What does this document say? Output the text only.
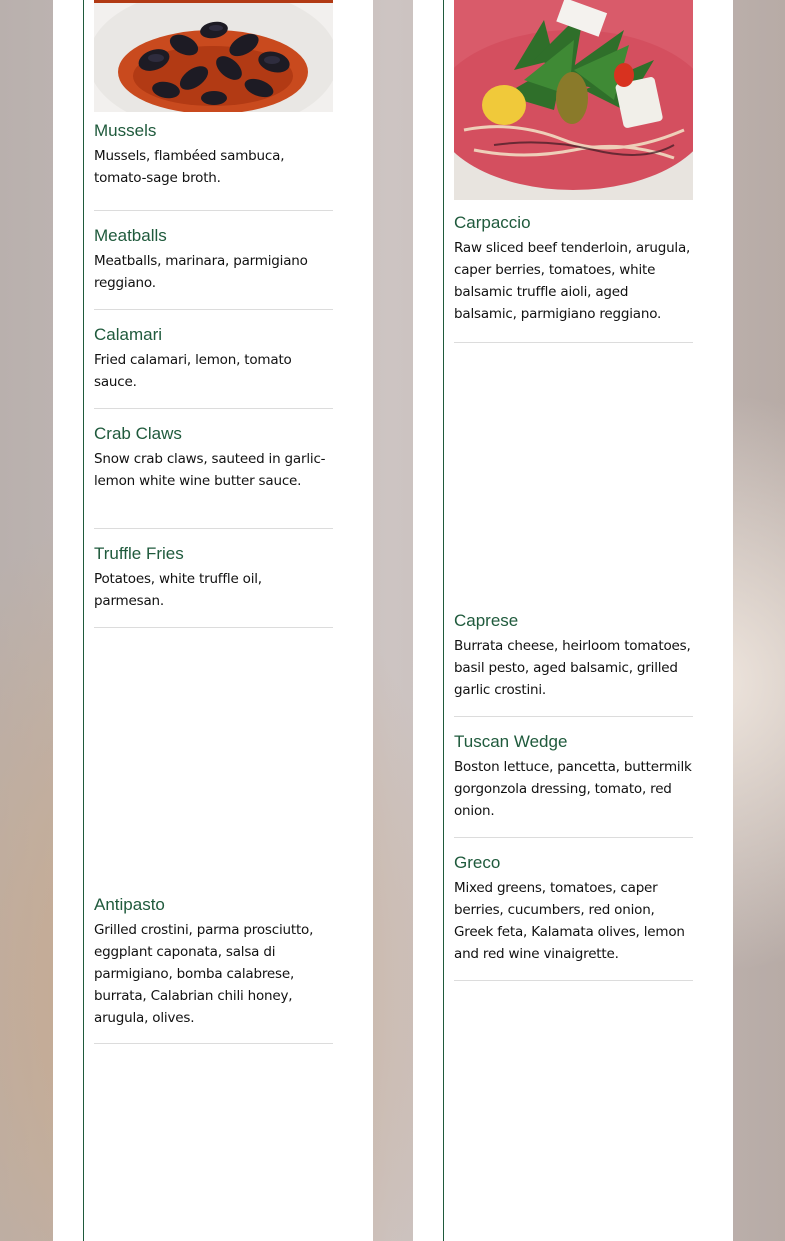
Mussels

Mussels, flambéed sambuca, tomato-sage broth.

Meatballs

Meatballs, marinara, parmigiano reggiano.

Calamari

Fried calamari, lemon, tomato sauce.

Crab Claws

Snow crab claws, sauteed in garlic-lemon white wine butter sauce.

Truffle Fries

Potatoes, white truffle oil, parmesan.

Antipasto

Grilled crostini, parma prosciutto, eggplant caponata, salsa di parmigiano, bomba calabrese, burrata, Calabrian chili honey, arugula, olives.

Carpaccio

Raw sliced beef tenderloin, arugula, caper berries, tomatoes, white balsamic truffle aioli, aged balsamic, parmigiano reggiano.

Caprese

Burrata cheese, heirloom tomatoes, basil pesto, aged balsamic, grilled garlic crostini.

Tuscan Wedge

Boston lettuce, pancetta, buttermilk gorgonzola dressing, tomato, red onion.

Greco

Mixed greens, tomatoes, caper berries, cucumbers, red onion, Greek feta, Kalamata olives, lemon and red wine vinaigrette.
